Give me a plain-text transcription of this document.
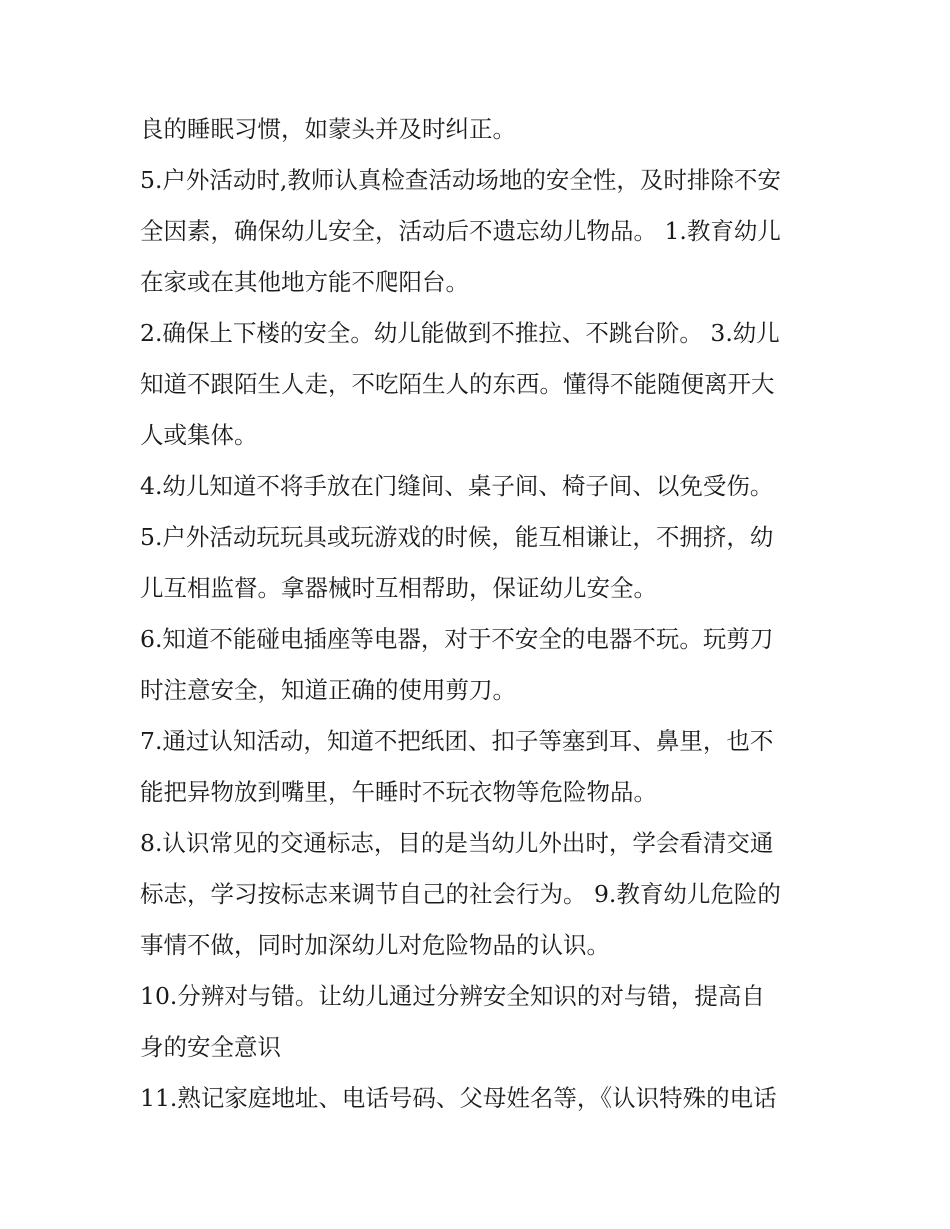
良的睡眠习惯，如蒙头并及时纠正。
5.户外活动时,教师认真检查活动场地的安全性，及时排除不安
全因素，确保幼儿安全，活动后不遗忘幼儿物品。 1.教育幼儿
在家或在其他地方能不爬阳台。
2.确保上下楼的安全。幼儿能做到不推拉、不跳台阶。 3.幼儿
知道不跟陌生人走，不吃陌生人的东西。懂得不能随便离开大
人或集体。
4.幼儿知道不将手放在门缝间、桌子间、椅子间、以免受伤。
5.户外活动玩玩具或玩游戏的时候，能互相谦让，不拥挤，幼
儿互相监督。拿器械时互相帮助，保证幼儿安全。
6.知道不能碰电插座等电器，对于不安全的电器不玩。玩剪刀
时注意安全，知道正确的使用剪刀。
7.通过认知活动，知道不把纸团、扣子等塞到耳、鼻里，也不
能把异物放到嘴里，午睡时不玩衣物等危险物品。
8.认识常见的交通标志，目的是当幼儿外出时，学会看清交通
标志，学习按标志来调节自己的社会行为。 9.教育幼儿危险的
事情不做，同时加深幼儿对危险物品的认识。
10.分辨对与错。让幼儿通过分辨安全知识的对与错，提高自
身的安全意识
11.熟记家庭地址、电话号码、父母姓名等，《认识特殊的电话
